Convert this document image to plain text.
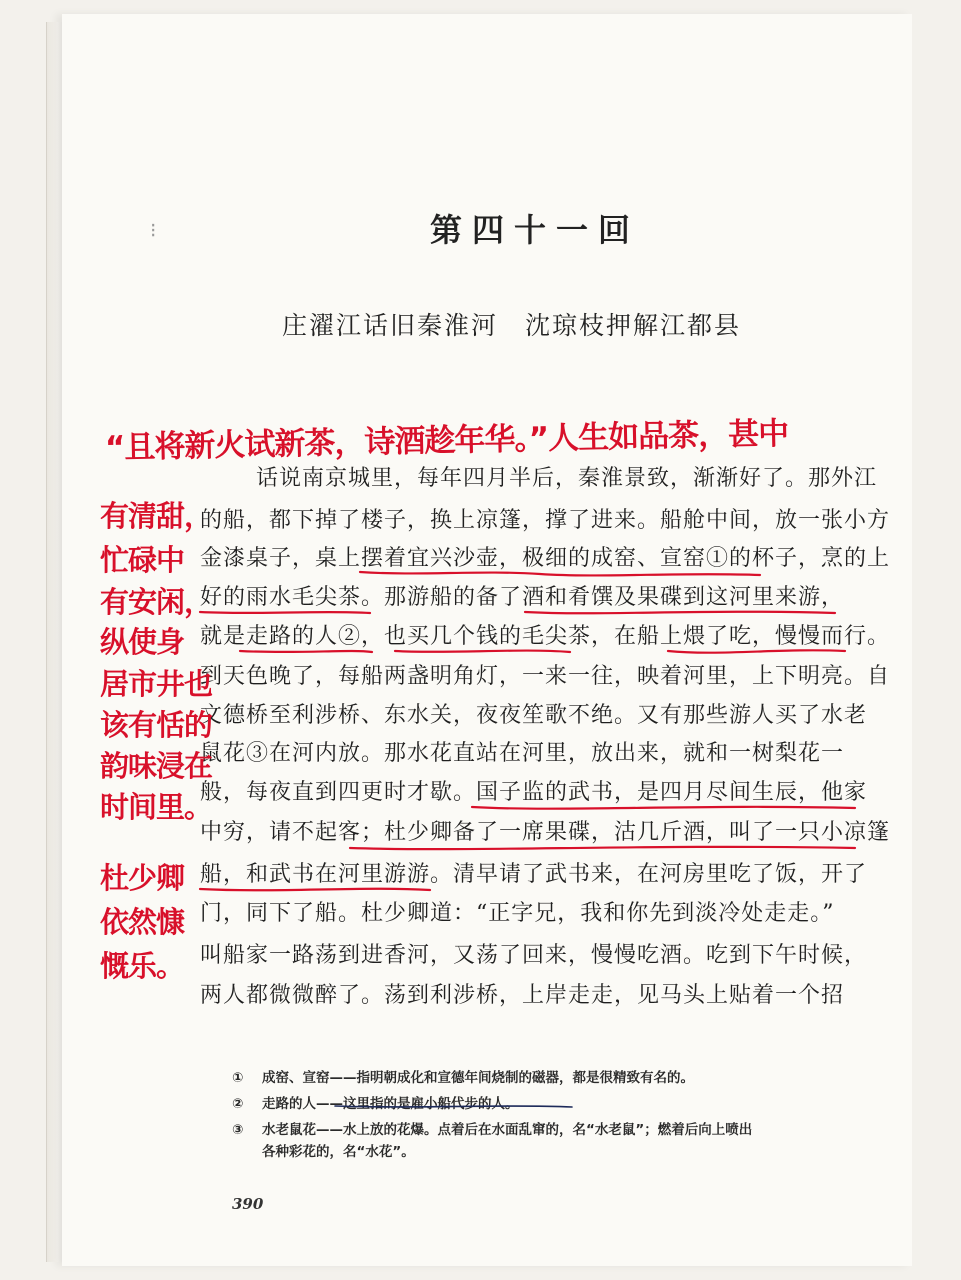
⁝	第四十一回
庄濯江话旧秦淮河　沈琼枝押解江都县
话说南京城里，每年四月半后，秦淮景致，渐渐好了。那外江
的船，都下掉了楼子，换上凉篷，撑了进来。船舱中间，放一张小方
金漆桌子，桌上摆着宜兴沙壶，极细的成窑、宣窑①的杯子，烹的上
好的雨水毛尖茶。那游船的备了酒和肴馔及果碟到这河里来游，
就是走路的人②，也买几个钱的毛尖茶，在船上煨了吃，慢慢而行。
到天色晚了，每船两盏明角灯，一来一往，映着河里，上下明亮。自
文德桥至利涉桥、东水关，夜夜笙歌不绝。又有那些游人买了水老
鼠花③在河内放。那水花直站在河里，放出来，就和一树梨花一
般，每夜直到四更时才歇。国子监的武书，是四月尽间生辰，他家
中穷，请不起客；杜少卿备了一席果碟，沽几斤酒，叫了一只小凉篷
船，和武书在河里游游。清早请了武书来，在河房里吃了饭，开了
门，同下了船。杜少卿道：“正字兄，我和你先到淡冷处走走。”
叫船家一路荡到进香河，又荡了回来，慢慢吃酒。吃到下午时候，
两人都微微醉了。荡到利涉桥，上岸走走，见马头上贴着一个招
① 成窑、宣窑——指明朝成化和宣德年间烧制的磁器，都是很精致有名的。
② 走路的人——这里指的是雇小船代步的人。
③ 水老鼠花——水上放的花爆。点着后在水面乱窜的，名“水老鼠”；燃着后向上喷出
各种彩花的，名“水花”。
390
“且将新火试新茶，诗酒趁年华。”人生如品茶，甚中
有清甜，
忙碌中
有安闲，
纵使身
居市井也
该有恬的
韵味浸在
时间里。
杜少卿
依然慷
慨乐。
